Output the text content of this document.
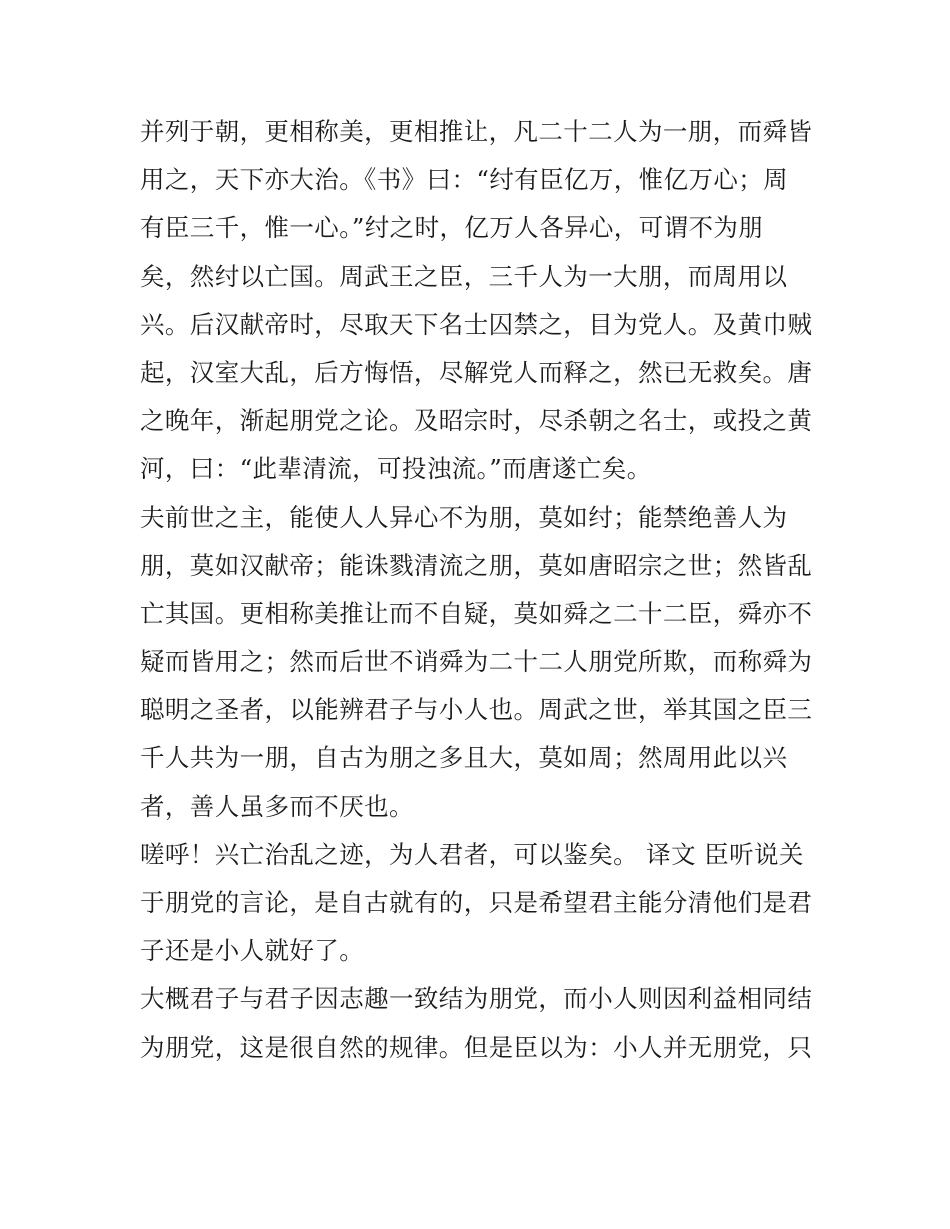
并列于朝，更相称美，更相推让，凡二十二人为一朋，而舜皆
用之，天下亦大治。《书》曰：“纣有臣亿万，惟亿万心；周
有臣三千，惟一心。”纣之时，亿万人各异心，可谓不为朋
矣，然纣以亡国。周武王之臣，三千人为一大朋，而周用以
兴。后汉献帝时，尽取天下名士囚禁之，目为党人。及黄巾贼
起，汉室大乱，后方悔悟，尽解党人而释之，然已无救矣。唐
之晚年，渐起朋党之论。及昭宗时，尽杀朝之名士，或投之黄
河，曰：“此辈清流，可投浊流。”而唐遂亡矣。
夫前世之主，能使人人异心不为朋，莫如纣；能禁绝善人为
朋，莫如汉献帝；能诛戮清流之朋，莫如唐昭宗之世；然皆乱
亡其国。更相称美推让而不自疑，莫如舜之二十二臣，舜亦不
疑而皆用之；然而后世不诮舜为二十二人朋党所欺，而称舜为
聪明之圣者，以能辨君子与小人也。周武之世，举其国之臣三
千人共为一朋，自古为朋之多且大，莫如周；然周用此以兴
者，善人虽多而不厌也。
嗟呼！兴亡治乱之迹，为人君者，可以鉴矣。 译文 臣听说关
于朋党的言论，是自古就有的，只是希望君主能分清他们是君
子还是小人就好了。
大概君子与君子因志趣一致结为朋党，而小人则因利益相同结
为朋党，这是很自然的规律。但是臣以为：小人并无朋党，只
